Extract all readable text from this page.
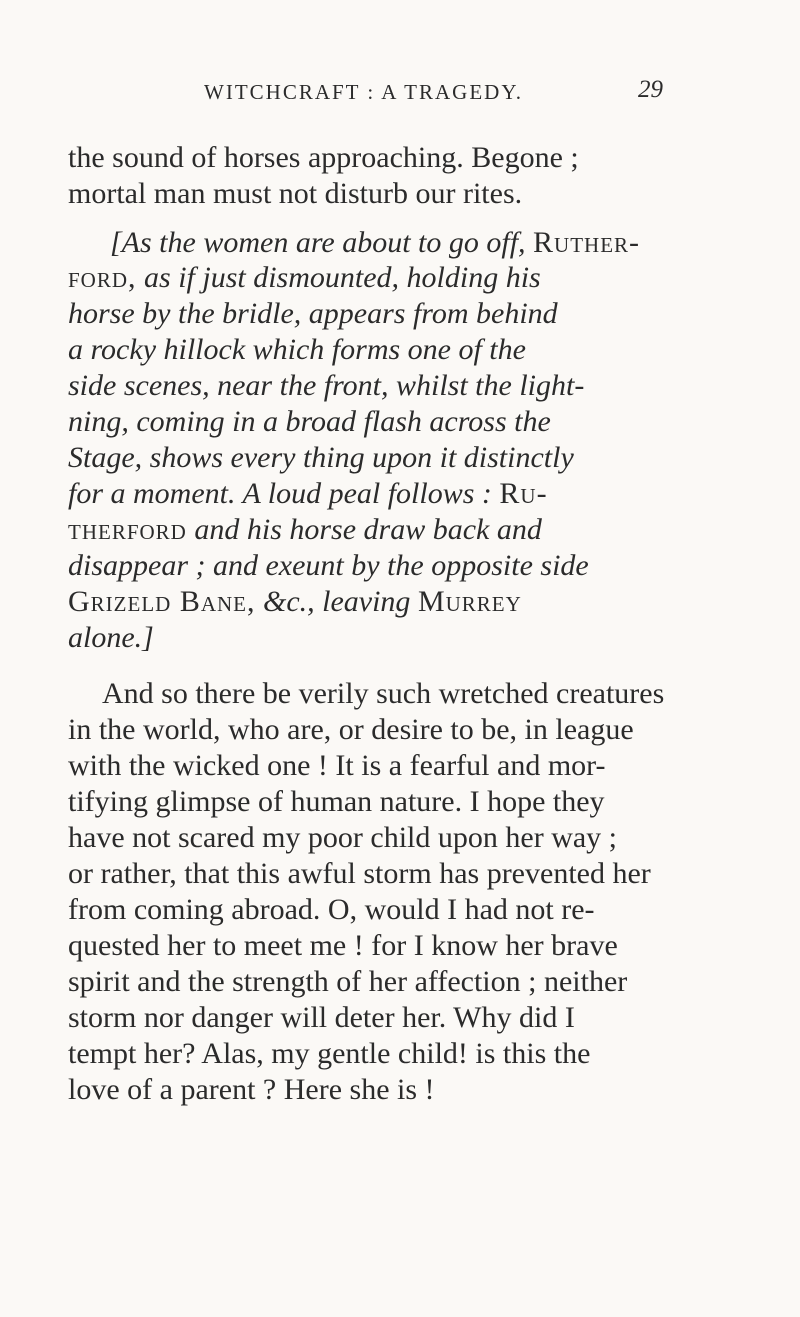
WITCHCRAFT : A TRAGEDY.	29
the sound of horses approaching. Begone ;
mortal man must not disturb our rites.
[As the women are about to go off, Ruther-
ford, as if just dismounted, holding his
horse by the bridle, appears from behind
a rocky hillock which forms one of the
side scenes, near the front, whilst the light-
ning, coming in a broad flash across the
Stage, shows every thing upon it distinctly
for a moment. A loud peal follows : Ru-
therford and his horse draw back and
disappear ; and exeunt by the opposite side
Grizeld Bane, &c., leaving Murrey
alone.]
And so there be verily such wretched creatures
in the world, who are, or desire to be, in league
with the wicked one ! It is a fearful and mor-
tifying glimpse of human nature. I hope they
have not scared my poor child upon her way ;
or rather, that this awful storm has prevented her
from coming abroad. O, would I had not re-
quested her to meet me ! for I know her brave
spirit and the strength of her affection ; neither
storm nor danger will deter her. Why did I
tempt her? Alas, my gentle child! is this the
love of a parent ? Here she is !
